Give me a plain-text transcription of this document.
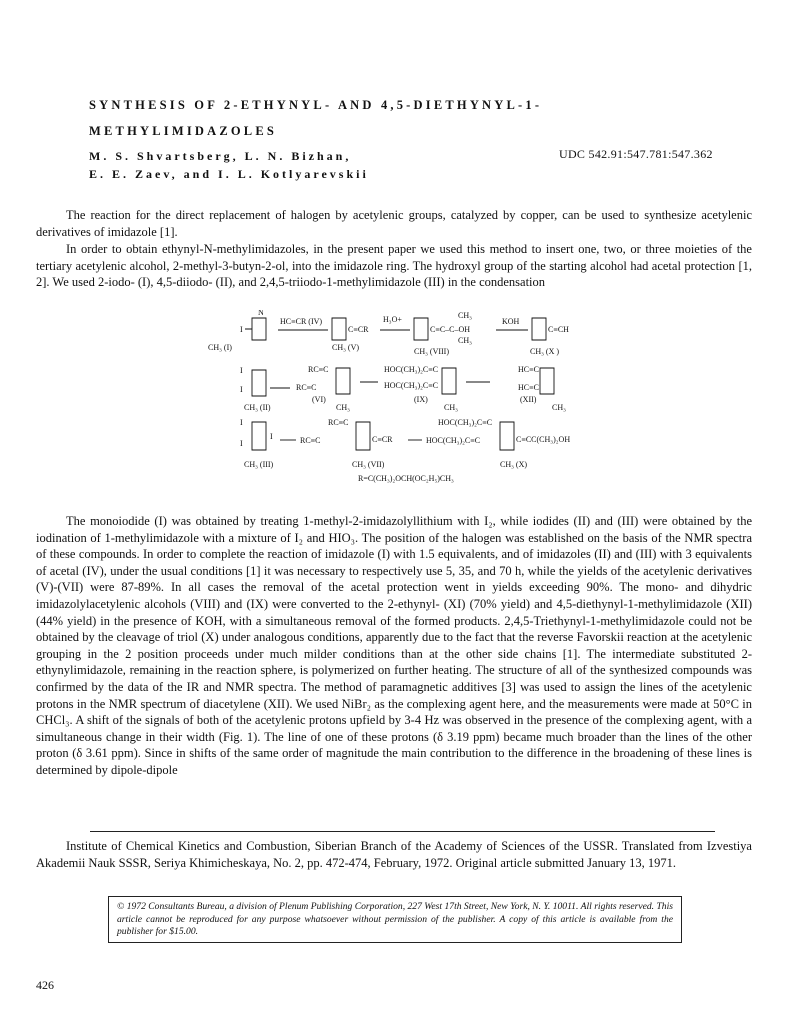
SYNTHESIS OF 2-ETHYNYL- AND 4,5-DIETHYNYL-1-
METHYLIMIDAZOLES
M. S. Shvartsberg, L. N. Bizhan,
E. E. Zaev, and I. L. Kotlyarevskii
UDC 542.91:547.781:547.362

The reaction for the direct replacement of halogen by acetylenic groups, catalyzed by copper, can be used to synthesize acetylenic derivatives of imidazole [1].

In order to obtain ethynyl-N-methylimidazoles, in the present paper we used this method to insert one, two, or three moieties of the tertiary acetylenic alcohol, 2-methyl-3-butyn-2-ol, into the imidazole ring. The hydroxyl group of the starting alcohol had acetal protection [1, 2]. We used 2-iodo- (I), 4,5-diiodo- (II), and 2,4,5-triiodo-1-methylimidazole (III) in the condensation

N
I
CH₃ (I)
HC≡CR (IV)
C≡CR
CH₃ (V)
H₃O+	CH₃
C≡C–C–OH
CH₃
CH₃ (VIII)
KOH
C≡CH
CH₃ (X )
I
I
CH₃ (II)
RC≡C
RC≡C
(VI)
CH₃
HOC(CH₃)₂C≡C
HOC(CH₃)₂C≡C
(IX)
CH₃
HC≡C
HC≡C
(XII)
CH₃
I
I
I
CH₃ (III)
RC≡C
RC≡C	C≡CR
CH₃ (VII)
HOC(CH₃)₂C≡C
HOC(CH₃)₂C≡C	C≡CC(CH₃)₂OH
CH₃ (X)
R=C(CH₃)₂OCH(OC₂H₅)CH₃

The monoiodide (I) was obtained by treating 1-methyl-2-imidazolyllithium with I₂, while iodides (II) and (III) were obtained by the iodination of 1-methylimidazole with a mixture of I₂ and HIO₃. The position of the halogen was established on the basis of the NMR spectra of these compounds. In order to complete the reaction of imidazole (I) with 1.5 equivalents, and of imidazoles (II) and (III) with 3 equivalents of acetal (IV), under the usual conditions [1] it was necessary to respectively use 5, 35, and 70 h, while the yields of the acetylenic derivatives (V)-(VII) were 87-89%. In all cases the removal of the acetal protection went in yields exceeding 90%. The mono- and dihydric imidazolylacetylenic alcohols (VIII) and (IX) were converted to the 2-ethynyl- (XI) (70% yield) and 4,5-diethynyl-1-methylimidazole (XII) (44% yield) in the presence of KOH, with a simultaneous removal of the formed products. 2,4,5-Triethynyl-1-methylimidazole could not be obtained by the cleavage of triol (X) under analogous conditions, apparently due to the fact that the reverse Favorskii reaction at the acetylenic grouping in the 2 position proceeds under much milder conditions than at the other side chains [1]. The intermediate substituted 2-ethynylimidazole, remaining in the reaction sphere, is polymerized on further heating. The structure of all of the synthesized compounds was confirmed by the data of the IR and NMR spectra. The method of paramagnetic additives [3] was used to assign the lines of the acetylenic protons in the NMR spectrum of diacetylene (XII). We used NiBr₂ as the complexing agent here, and the measurements were made at 50°C in CHCl₃. A shift of the signals of both of the acetylenic protons upfield by 3-4 Hz was observed in the presence of the complexing agent, with a simultaneous change in their width (Fig. 1). The line of one of these protons (δ 3.19 ppm) became much broader than the lines of the other proton (δ 3.61 ppm). Since in shifts of the same order of magnitude the main contribution to the difference in the broadening of these lines is determined by dipole-dipole

Institute of Chemical Kinetics and Combustion, Siberian Branch of the Academy of Sciences of the USSR. Translated from Izvestiya Akademii Nauk SSSR, Seriya Khimicheskaya, No. 2, pp. 472-474, February, 1972. Original article submitted January 13, 1971.
© 1972 Consultants Bureau, a division of Plenum Publishing Corporation, 227 West 17th Street, New York, N. Y. 10011. All rights reserved. This article cannot be reproduced for any purpose whatsoever without permission of the publisher. A copy of this article is available from the publisher for $15.00.
426
